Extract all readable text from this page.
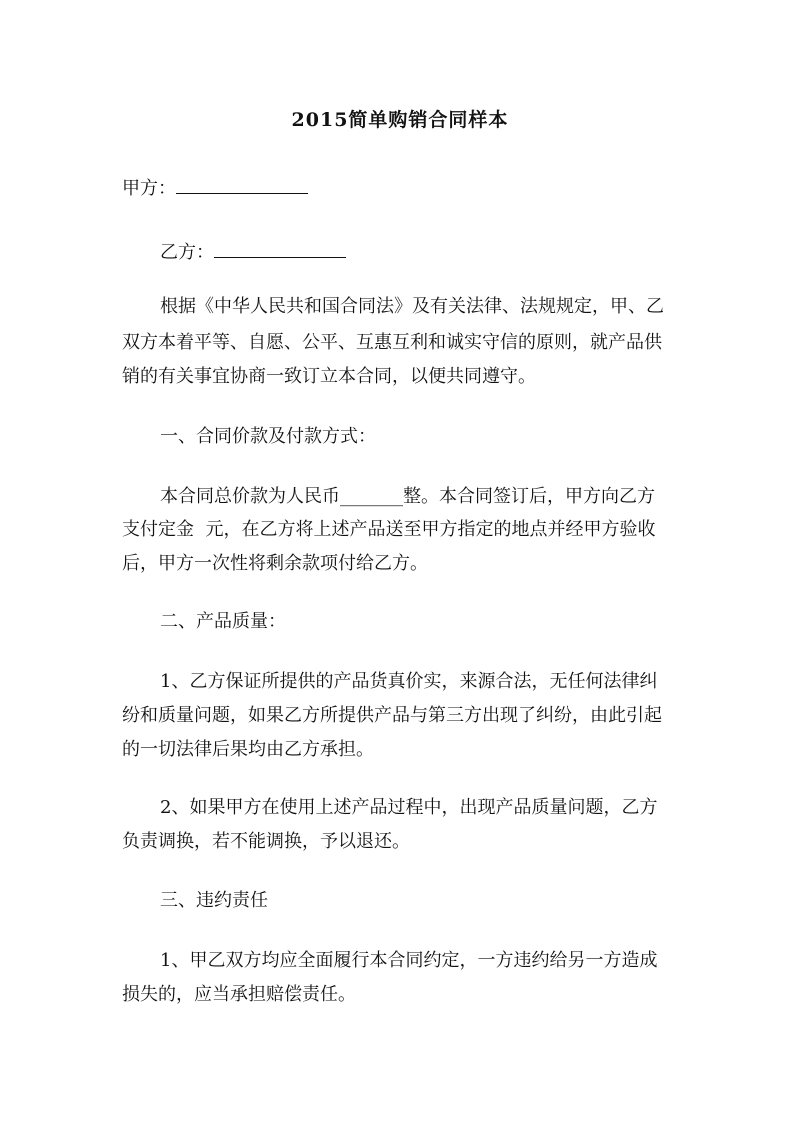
2015简单购销合同样本
甲方：
乙方：
根据《中华人民共和国合同法》及有关法律、法规规定，甲、乙
双方本着平等、自愿、公平、互惠互利和诚实守信的原则，就产品供
销的有关事宜协商一致订立本合同，以便共同遵守。
一、合同价款及付款方式：
本合同总价款为人民币_______整。本合同签订后，甲方向乙方
支付定金  元，在乙方将上述产品送至甲方指定的地点并经甲方验收
后，甲方一次性将剩余款项付给乙方。
二、产品质量：
1、乙方保证所提供的产品货真价实，来源合法，无任何法律纠
纷和质量问题，如果乙方所提供产品与第三方出现了纠纷，由此引起
的一切法律后果均由乙方承担。
2、如果甲方在使用上述产品过程中，出现产品质量问题，乙方
负责调换，若不能调换，予以退还。
三、违约责任
1、甲乙双方均应全面履行本合同约定，一方违约给另一方造成
损失的，应当承担赔偿责任。
